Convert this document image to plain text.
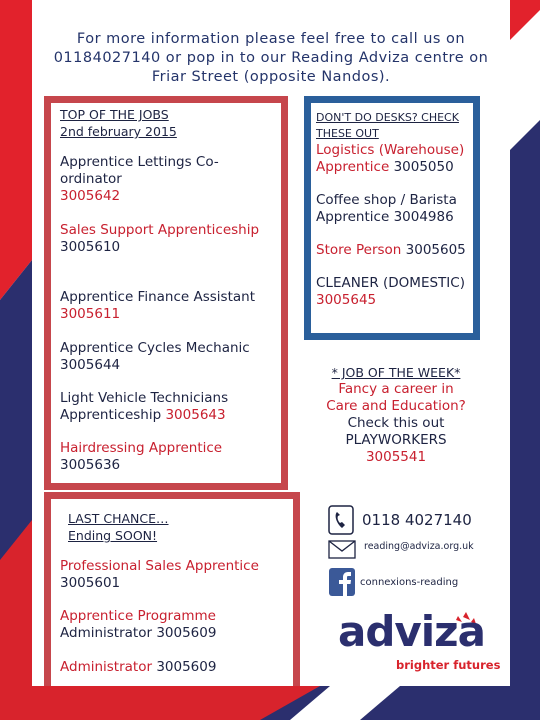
For more information please feel free to call us on
01184027140 or pop in to our Reading Adviza centre on
Friar Street (opposite Nandos).
TOP OF THE JOBS
2nd february 2015
Apprentice Lettings Co-
ordinator
3005642
Sales Support Apprenticeship
3005610
Apprentice Finance Assistant
3005611
Apprentice Cycles Mechanic
3005644
Light Vehicle Technicians
Apprenticeship 3005643
Hairdressing Apprentice
3005636
DON'T DO DESKS? CHECK
THESE OUT
Logistics (Warehouse)
Apprentice 3005050
Coffee shop / Barista
Apprentice 3004986
Store Person 3005605
CLEANER (DOMESTIC)
3005645
* JOB OF THE WEEK*
Fancy a career in
Care and Education?
Check this out
PLAYWORKERS
3005541
LAST CHANCE…
Ending SOON!
Professional Sales Apprentice
3005601
Apprentice Programme
Administrator 3005609
Administrator 3005609
0118 4027140
reading@adviza.org.uk
connexions-reading
adviza
brighter futures
